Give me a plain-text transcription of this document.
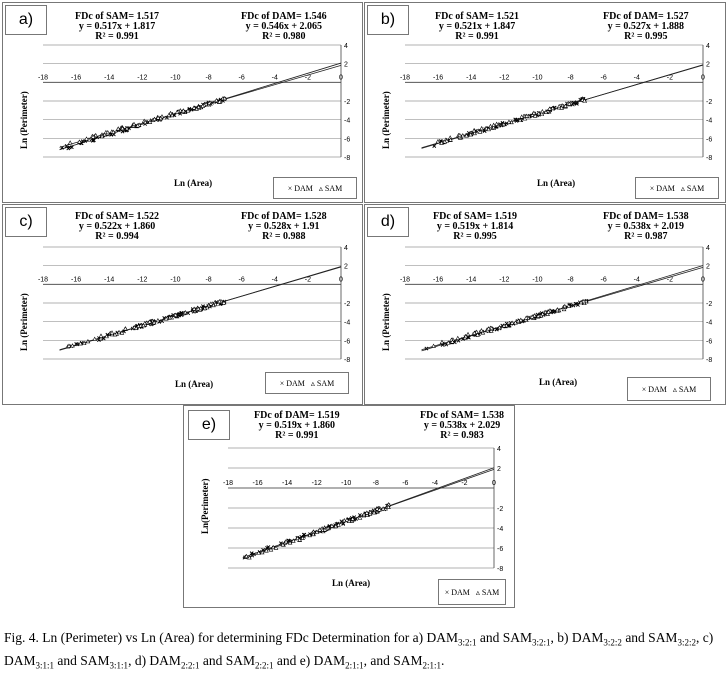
a)	FDc of SAM= 1.517
y = 0.517x + 1.817
R² = 0.991
FDc of DAM= 1.546
y = 0.546x + 2.065
R² = 0.980
-18	-16	-14	-12	-10	-8	-6	-4	-2	0
4
2
-2
-4
-6
-8
Ln (Area)
Ln (Perimeter)
× DAM ▵ SAM
b)	FDc of SAM= 1.521
y = 0.521x + 1.847
R² = 0.991
FDc of DAM= 1.527
y = 0.527x + 1.888
R² = 0.995
-18	-16	-14	-12	-10	-8	-6	-4	-2	0
4
2
-2
-4
-6
-8
Ln (Area)
Ln (Perimeter)
× DAM ▵ SAM
c)	FDc of SAM= 1.522
y = 0.522x + 1.860
R² = 0.994
FDc of DAM= 1.528
y = 0.528x + 1.91
R² = 0.988
-18	-16	-14	-12	-10	-8	-6	-4	-2	0
4
2
-2
-4
-6
-8
Ln (Area)
Ln (Perimeter)
× DAM ▵ SAM
d)	FDc of SAM= 1.519
y = 0.519x + 1.814
R² = 0.995
FDc of DAM= 1.538
y = 0.538x + 2.019
R² = 0.987
-18	-16	-14	-12	-10	-8	-6	-4	-2	0
4
2
-2
-4
-6
-8
Ln (Area)
Ln (Perimeter)
× DAM ▵ SAM
e)
FDc of DAM= 1.519
y = 0.519x + 1.860
R² = 0.991
FDc of SAM= 1.538
y = 0.538x + 2.029
R² = 0.983
-18	-16	-14	-12	-10	-8	-6	-4	-2	0
4
2
-2
-4
-6
-8
Ln (Area)
Ln(Perimeter)
× DAM ▵ SAM
Fig. 4. Ln (Perimeter) vs Ln (Area) for determining FDc Determination for a) $DAM_{3:2:1}$ and $SAM_{3:2:1}$, b) $DAM_{3:2:2}$ and $SAM_{3:2:2}$, c) $DAM_{3:1:1}$ and $SAM_{3:1:1}$, d) $DAM_{2:2:1}$ and $SAM_{2:2:1}$ and e) $DAM_{2:1:1}$, and $SAM_{2:1:1}$.
